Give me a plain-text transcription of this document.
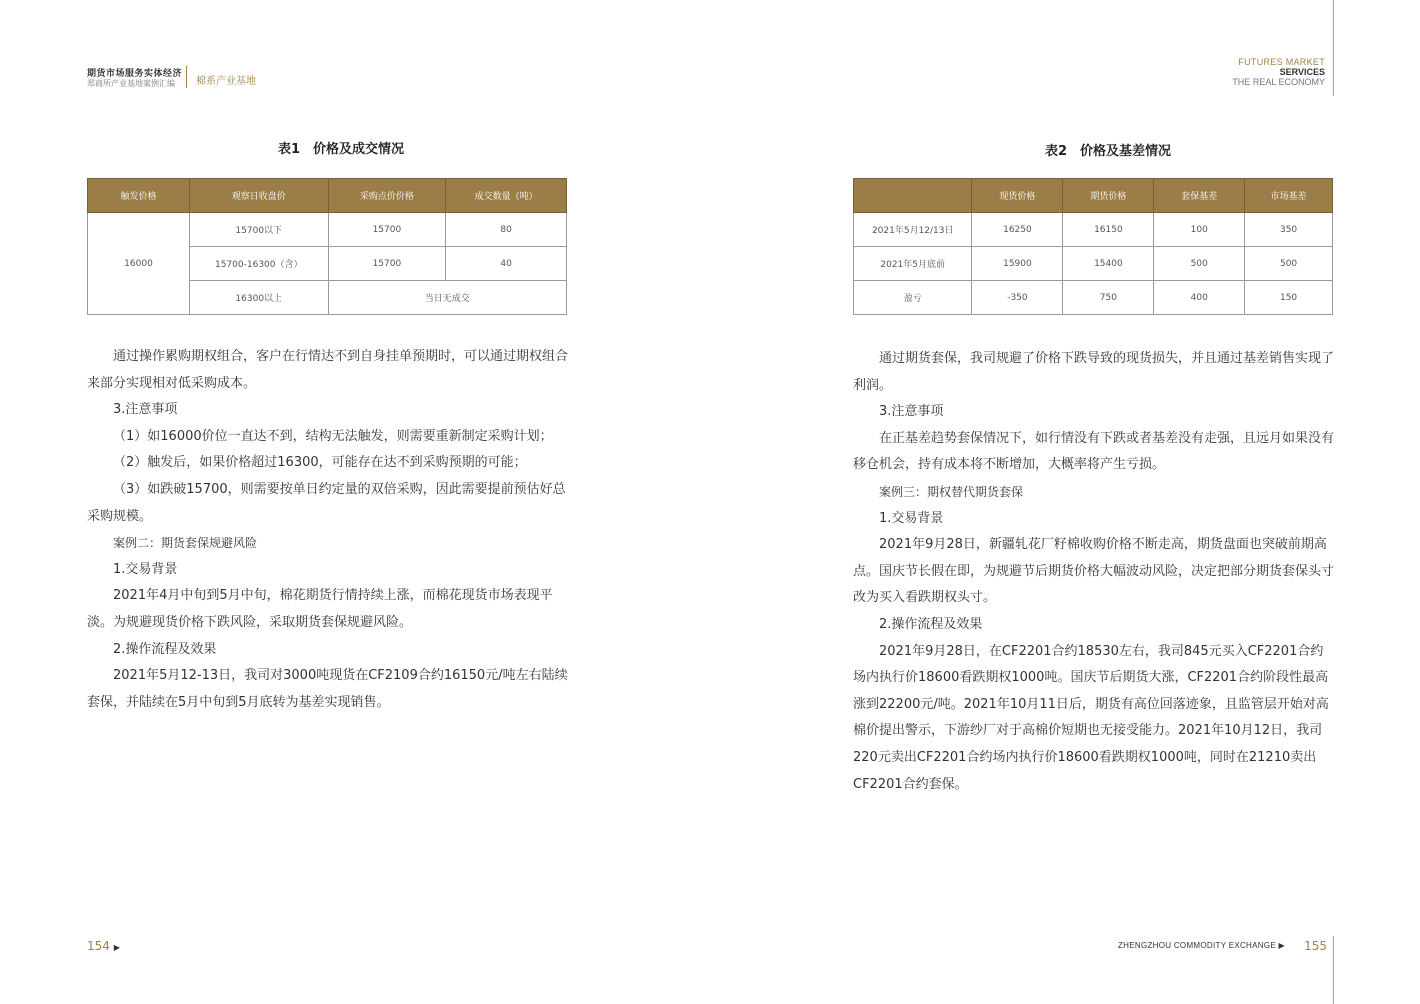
期货市场服务实体经济
郑商所产业基地案例汇编 棉系产业基地
FUTURES MARKET
SERVICES
THE REAL ECONOMY
表1　价格及成交情况
触发价格	观察日收盘价	采购点价价格	成交数量（吨）
16000	15700以下	15700	80
	15700-16300（含）	15700	40
	16300以上	当日无成交	
表2　价格及基差情况
	现货价格	期货价格	套保基差	市场基差
2021年5月12/13日	16250	16150	100	350
2021年5月底前	15900	15400	500	500
盈亏	-350	750	400	150

通过操作累购期权组合，客户在行情达不到自身挂单预期时，可以通过期权组合来部分实现相对低采购成本。

3.注意事项

（1）如16000价位一直达不到，结构无法触发，则需要重新制定采购计划；

（2）触发后，如果价格超过16300，可能存在达不到采购预期的可能；

（3）如跌破15700，则需要按单日约定量的双倍采购，因此需要提前预估好总采购规模。

案例二：期货套保规避风险

1.交易背景

2021年4月中旬到5月中旬，棉花期货行情持续上涨，而棉花现货市场表现平淡。为规避现货价格下跌风险，采取期货套保规避风险。

2.操作流程及效果

2021年5月12-13日，我司对3000吨现货在CF2109合约16150元/吨左右陆续套保，并陆续在5月中旬到5月底转为基差实现销售。

通过期货套保，我司规避了价格下跌导致的现货损失，并且通过基差销售实现了利润。

3.注意事项

在正基差趋势套保情况下，如行情没有下跌或者基差没有走强，且远月如果没有移仓机会，持有成本将不断增加，大概率将产生亏损。

案例三：期权替代期货套保

1.交易背景

2021年9月28日，新疆轧花厂籽棉收购价格不断走高，期货盘面也突破前期高点。国庆节长假在即，为规避节后期货价格大幅波动风险，决定把部分期货套保头寸改为买入看跌期权头寸。

2.操作流程及效果

2021年9月28日，在CF2201合约18530左右，我司845元买入CF2201合约场内执行价18600看跌期权1000吨。国庆节后期货大涨，CF2201合约阶段性最高涨到22200元/吨。2021年10月11日后，期货有高位回落迹象，且监管层开始对高棉价提出警示，下游纱厂对于高棉价短期也无接受能力。2021年10月12日，我司220元卖出CF2201合约场内执行价18600看跌期权1000吨，同时在21210卖出CF2201合约套保。

154 ▶	ZHENGZHOU COMMODITY EXCHANGE ▶ 155
